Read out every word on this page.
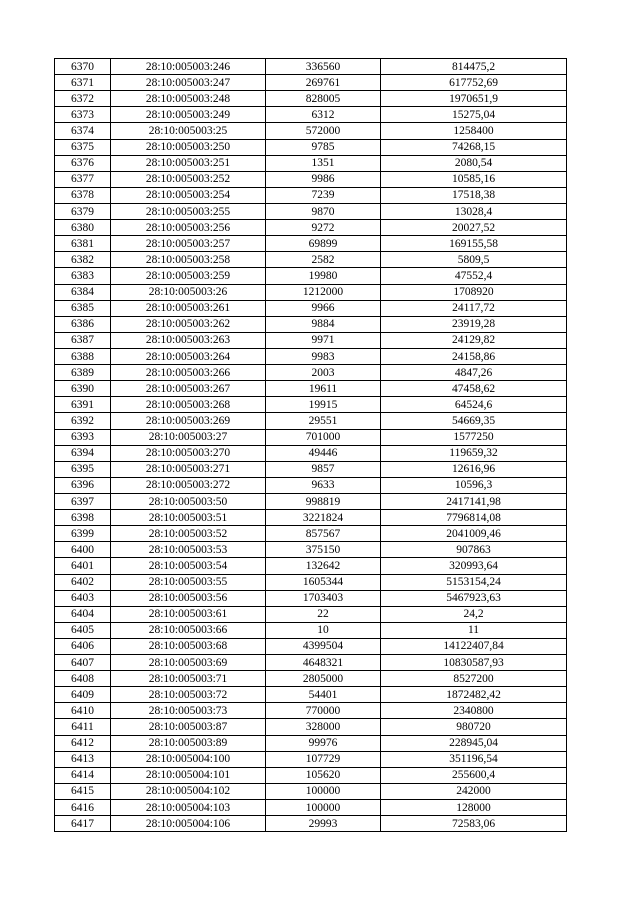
6370	28:10:005003:246	336560	814475,2
6371	28:10:005003:247	269761	617752,69
6372	28:10:005003:248	828005	1970651,9
6373	28:10:005003:249	6312	15275,04
6374	28:10:005003:25	572000	1258400
6375	28:10:005003:250	9785	74268,15
6376	28:10:005003:251	1351	2080,54
6377	28:10:005003:252	9986	10585,16
6378	28:10:005003:254	7239	17518,38
6379	28:10:005003:255	9870	13028,4
6380	28:10:005003:256	9272	20027,52
6381	28:10:005003:257	69899	169155,58
6382	28:10:005003:258	2582	5809,5
6383	28:10:005003:259	19980	47552,4
6384	28:10:005003:26	1212000	1708920
6385	28:10:005003:261	9966	24117,72
6386	28:10:005003:262	9884	23919,28
6387	28:10:005003:263	9971	24129,82
6388	28:10:005003:264	9983	24158,86
6389	28:10:005003:266	2003	4847,26
6390	28:10:005003:267	19611	47458,62
6391	28:10:005003:268	19915	64524,6
6392	28:10:005003:269	29551	54669,35
6393	28:10:005003:27	701000	1577250
6394	28:10:005003:270	49446	119659,32
6395	28:10:005003:271	9857	12616,96
6396	28:10:005003:272	9633	10596,3
6397	28:10:005003:50	998819	2417141,98
6398	28:10:005003:51	3221824	7796814,08
6399	28:10:005003:52	857567	2041009,46
6400	28:10:005003:53	375150	907863
6401	28:10:005003:54	132642	320993,64
6402	28:10:005003:55	1605344	5153154,24
6403	28:10:005003:56	1703403	5467923,63
6404	28:10:005003:61	22	24,2
6405	28:10:005003:66	10	11
6406	28:10:005003:68	4399504	14122407,84
6407	28:10:005003:69	4648321	10830587,93
6408	28:10:005003:71	2805000	8527200
6409	28:10:005003:72	54401	1872482,42
6410	28:10:005003:73	770000	2340800
6411	28:10:005003:87	328000	980720
6412	28:10:005003:89	99976	228945,04
6413	28:10:005004:100	107729	351196,54
6414	28:10:005004:101	105620	255600,4
6415	28:10:005004:102	100000	242000
6416	28:10:005004:103	100000	128000
6417	28:10:005004:106	29993	72583,06
